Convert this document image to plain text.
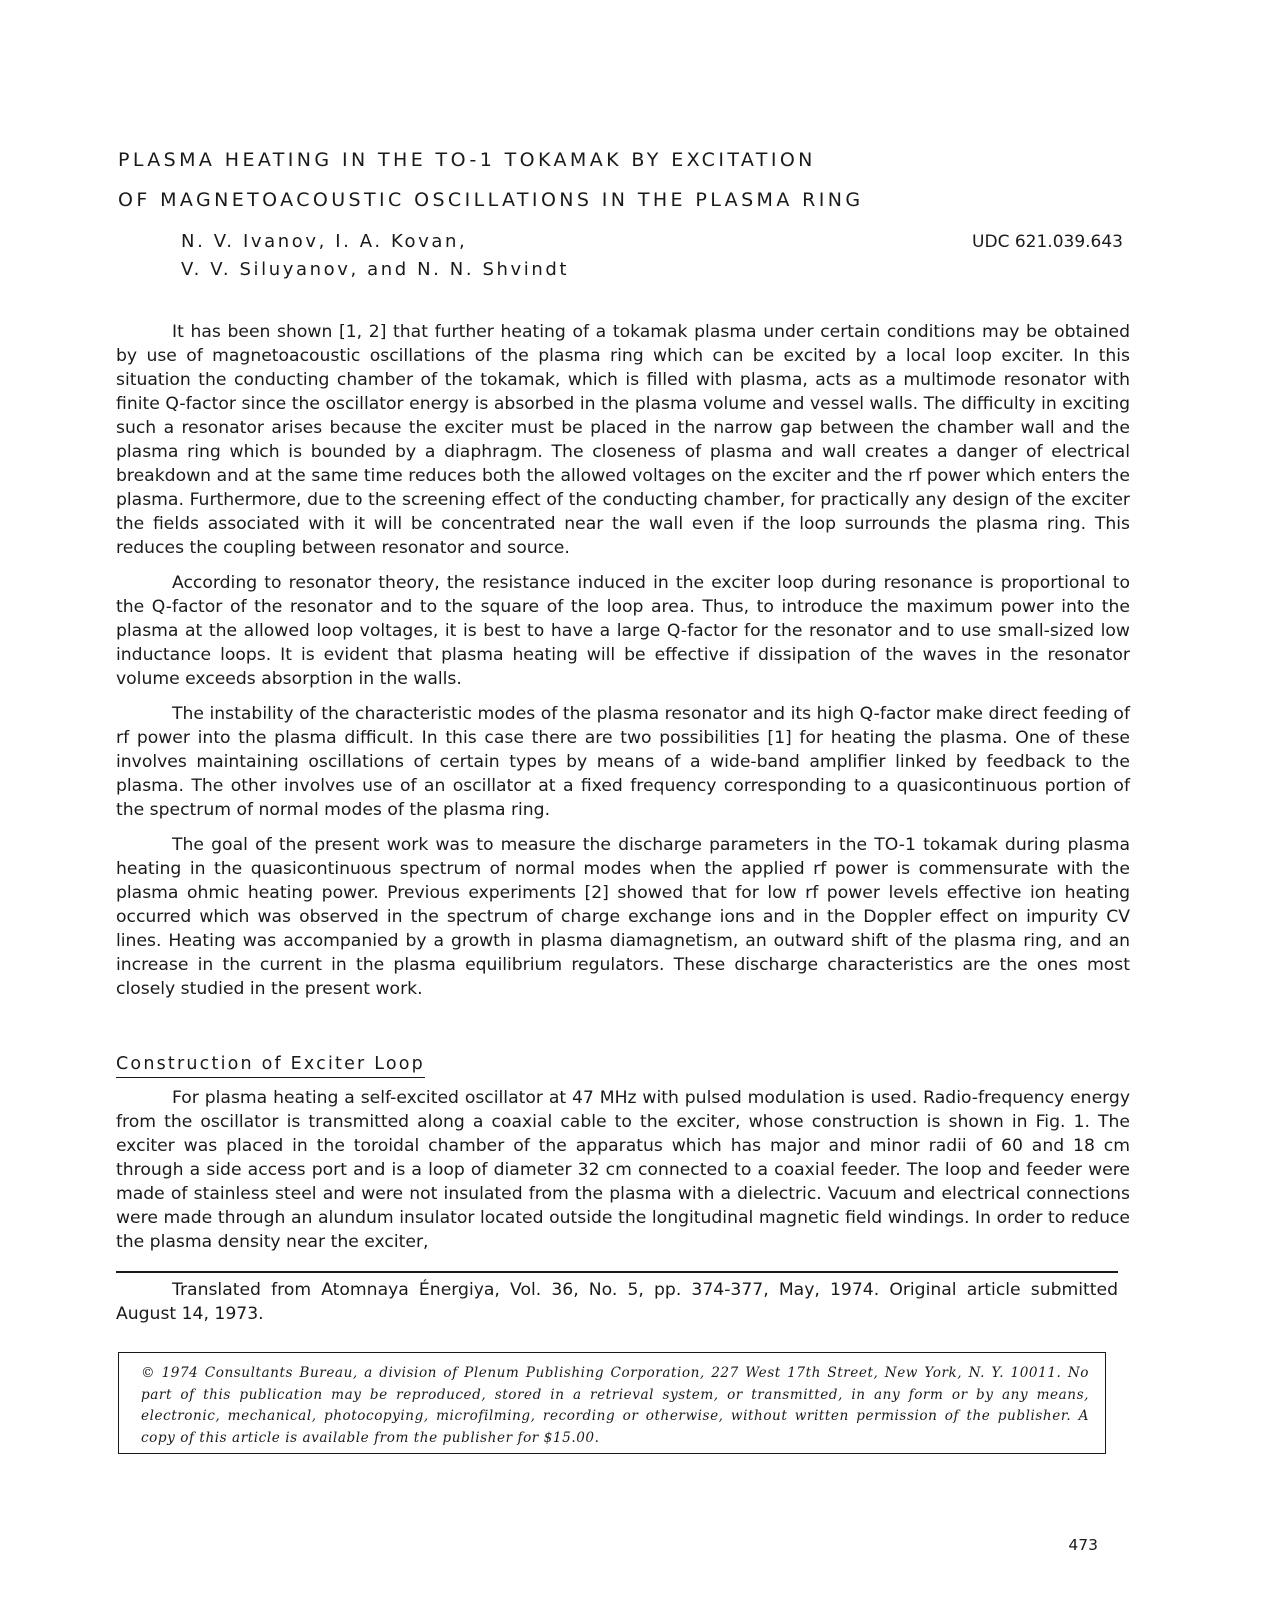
PLASMA HEATING IN THE TO-1 TOKAMAK BY EXCITATION
OF MAGNETOACOUSTIC OSCILLATIONS IN THE PLASMA RING
N. V. Ivanov, I. A. Kovan,
V. V. Siluyanov, and N. N. Shvindt
UDC 621.039.643

It has been shown [1, 2] that further heating of a tokamak plasma under certain conditions may be obtained by use of magnetoacoustic oscillations of the plasma ring which can be excited by a local loop exciter. In this situation the conducting chamber of the tokamak, which is filled with plasma, acts as a multimode resonator with finite Q-factor since the oscillator energy is absorbed in the plasma volume and vessel walls. The difficulty in exciting such a resonator arises because the exciter must be placed in the narrow gap between the chamber wall and the plasma ring which is bounded by a diaphragm. The closeness of plasma and wall creates a danger of electrical breakdown and at the same time reduces both the allowed voltages on the exciter and the rf power which enters the plasma. Furthermore, due to the screening effect of the conducting chamber, for practically any design of the exciter the fields associated with it will be concentrated near the wall even if the loop surrounds the plasma ring. This reduces the coupling between resonator and source.

According to resonator theory, the resistance induced in the exciter loop during resonance is proportional to the Q-factor of the resonator and to the square of the loop area. Thus, to introduce the maximum power into the plasma at the allowed loop voltages, it is best to have a large Q-factor for the resonator and to use small-sized low inductance loops. It is evident that plasma heating will be effective if dissipation of the waves in the resonator volume exceeds absorption in the walls.

The instability of the characteristic modes of the plasma resonator and its high Q-factor make direct feeding of rf power into the plasma difficult. In this case there are two possibilities [1] for heating the plasma. One of these involves maintaining oscillations of certain types by means of a wide-band amplifier linked by feedback to the plasma. The other involves use of an oscillator at a fixed frequency corresponding to a quasicontinuous portion of the spectrum of normal modes of the plasma ring.

The goal of the present work was to measure the discharge parameters in the TO-1 tokamak during plasma heating in the quasicontinuous spectrum of normal modes when the applied rf power is commensurate with the plasma ohmic heating power. Previous experiments [2] showed that for low rf power levels effective ion heating occurred which was observed in the spectrum of charge exchange ions and in the Doppler effect on impurity CV lines. Heating was accompanied by a growth in plasma diamagnetism, an outward shift of the plasma ring, and an increase in the current in the plasma equilibrium regulators. These discharge characteristics are the ones most closely studied in the present work.

Construction of Exciter Loop

For plasma heating a self-excited oscillator at 47 MHz with pulsed modulation is used. Radio-frequency energy from the oscillator is transmitted along a coaxial cable to the exciter, whose construction is shown in Fig. 1. The exciter was placed in the toroidal chamber of the apparatus which has major and minor radii of 60 and 18 cm through a side access port and is a loop of diameter 32 cm connected to a coaxial feeder. The loop and feeder were made of stainless steel and were not insulated from the plasma with a dielectric. Vacuum and electrical connections were made through an alundum insulator located outside the longitudinal magnetic field windings. In order to reduce the plasma density near the exciter,

Translated from Atomnaya Énergiya, Vol. 36, No. 5, pp. 374-377, May, 1974. Original article submitted August 14, 1973.
© 1974 Consultants Bureau, a division of Plenum Publishing Corporation, 227 West 17th Street, New York, N. Y. 10011. No part of this publication may be reproduced, stored in a retrieval system, or transmitted, in any form or by any means, electronic, mechanical, photocopying, microfilming, recording or otherwise, without written permission of the publisher. A copy of this article is available from the publisher for $15.00.
473
